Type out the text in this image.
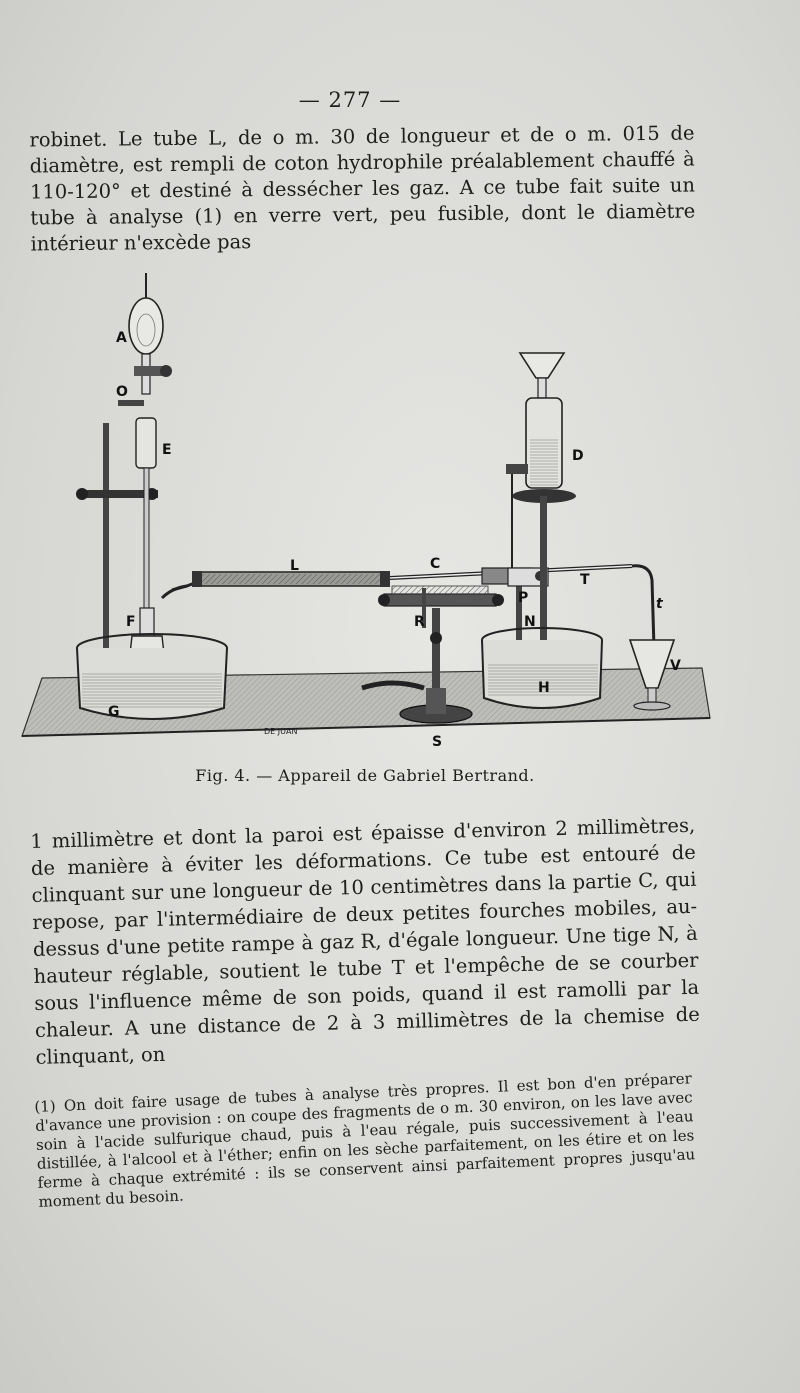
— 277 —

robinet. Le tube L, de o m. 30 de longueur et de o m. 015 de diamètre, est rempli de coton hydrophile préalablement chauffé à 110-120° et destiné à dessécher les gaz. A ce tube fait suite un tube à analyse (1) en verre vert, peu fusible, dont le diamètre intérieur n'excède pas

A
O
E
F
G
L	C
R
P
N
T
t
D
H
V
S
DE JUAN
Fig. 4. — Appareil de Gabriel Bertrand.

1 millimètre et dont la paroi est épaisse d'environ 2 millimètres, de manière à éviter les déformations. Ce tube est entouré de clinquant sur une longueur de 10 centimètres dans la partie C, qui repose, par l'intermédiaire de deux petites fourches mobiles, au-dessus d'une petite rampe à gaz R, d'égale longueur. Une tige N, à hauteur réglable, soutient le tube T et l'empêche de se courber sous l'influence même de son poids, quand il est ramolli par la chaleur. A une distance de 2 à 3 millimètres de la chemise de clinquant, on

(1) On doit faire usage de tubes à analyse très propres. Il est bon d'en préparer d'avance une provision : on coupe des fragments de o m. 30 environ, on les lave avec soin à l'acide sulfurique chaud, puis à l'eau régale, puis successivement à l'eau distillée, à l'alcool et à l'éther; enfin on les sèche parfaitement, on les étire et on les ferme à chaque extrémité : ils se conservent ainsi parfaitement propres jusqu'au moment du besoin.
